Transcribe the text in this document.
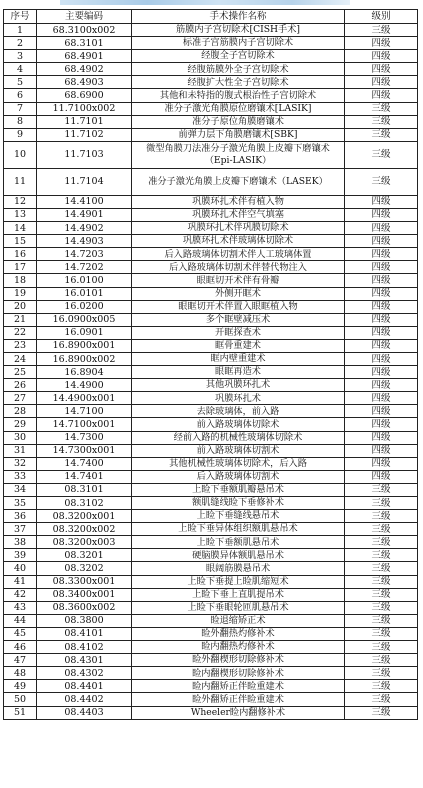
序号	主要编码	手术操作名称	级别
1	68.3100x002	筋膜内子宫切除术[CISH手术]	三级
2	68.3101	标准子宫筋膜内子宫切除术	四级
3	68.4901	经腹全子宫切除术	四级
4	68.4902	经腹筋膜外全子宫切除术	四级
5	68.4903	经腹扩大性全子宫切除术	四级
6	68.6900	其他和未特指的腹式根治性子宫切除术	四级
7	11.7100x002	准分子激光角膜原位磨镶术[LASIK]	三级
8	11.7101	准分子原位角膜磨镶术	三级
9	11.7102	前弹力层下角膜磨镶术[SBK]	三级
10	11.7103	微型角膜刀法准分子激光角膜上皮瓣下磨镶术（Epi-LASIK）	三级
11	11.7104	准分子激光角膜上皮瓣下磨镶术（LASEK）	三级
12	14.4100	巩膜环扎术伴有植入物	四级
13	14.4901	巩膜环扎术伴空气填塞	四级
14	14.4902	巩膜环扎术伴巩膜切除术	四级
15	14.4903	巩膜环扎术伴玻璃体切除术	四级
16	14.7203	后入路玻璃体切割术伴人工玻璃体置	四级
17	14.7202	后入路玻璃体切割术伴替代物注入	四级
18	16.0100	眼眶切开术伴有骨瓣	四级
19	16.0101	外侧开眶术	四级
20	16.0200	眼眶切开术伴置入眼眶植入物	四级
21	16.0900x005	多个眶壁减压术	四级
22	16.0901	开眶探查术	四级
23	16.8900x001	眶骨重建术	四级
24	16.8900x002	眶内壁重建术	四级
25	16.8904	眼眶再造术	四级
26	14.4900	其他巩膜环扎术	四级
27	14.4900x001	巩膜环扎术	四级
28	14.7100	去除玻璃体，前入路	四级
29	14.7100x001	前入路玻璃体切除术	四级
30	14.7300	经前入路的机械性玻璃体切除术	四级
31	14.7300x001	前入路玻璃体切割术	四级
32	14.7400	其他机械性玻璃体切除术，后入路	四级
33	14.7401	后入路玻璃体切割术	四级
34	08.3101	上睑下垂额肌瓣悬吊术	三级
35	08.3102	额肌缝线睑下垂修补术	三级
36	08.3200x001	上睑下垂缝线悬吊术	三级
37	08.3200x002	上睑下垂异体组织额肌悬吊术	三级
38	08.3200x003	上睑下垂额肌悬吊术	三级
39	08.3201	硬脑膜异体额肌悬吊术	三级
40	08.3202	眼阔筋膜悬吊术	三级
41	08.3300x001	上睑下垂提上睑肌缩短术	三级
42	08.3400x001	上睑下垂上直肌提吊术	三级
43	08.3600x002	上睑下垂眼轮匝肌悬吊术	三级
44	08.3800	睑退缩矫正术	三级
45	08.4101	睑外翻热灼修补术	三级
46	08.4102	睑内翻热灼修补术	三级
47	08.4301	睑外翻楔形切除修补术	三级
48	08.4302	睑内翻楔形切除修补术	三级
49	08.4401	睑内翻矫正伴睑重建术	三级
50	08.4402	睑外翻矫正伴睑重建术	三级
51	08.4403	Wheeler睑内翻修补术	三级
